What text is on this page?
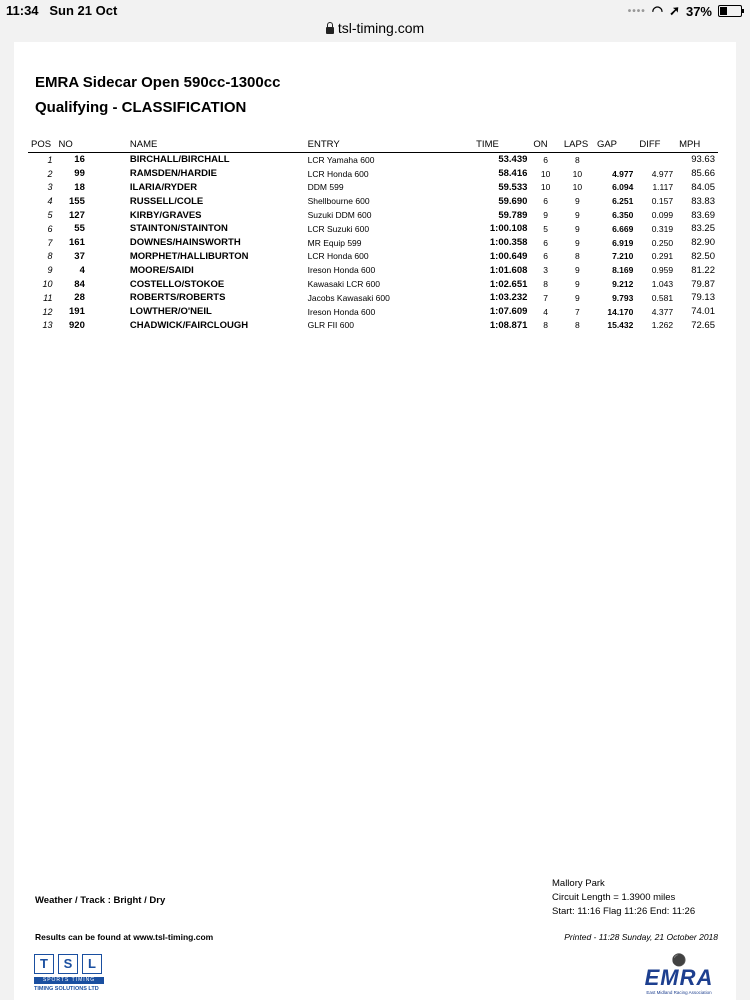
11:34 Sun 21 Oct	•••• ◠ ➚ 37%
tsl-timing.com
EMRA Sidecar Open 590cc-1300cc
Qualifying - CLASSIFICATION
POS	NO	NAME	ENTRY	TIME	ON	LAPS	GAP	DIFF	MPH
1	16	BIRCHALL/BIRCHALL	LCR Yamaha 600	53.439	6	8			93.63
2	99	RAMSDEN/HARDIE	LCR Honda 600	58.416	10	10	4.977	4.977	85.66
3	18	ILARIA/RYDER	DDM 599	59.533	10	10	6.094	1.117	84.05
4	155	RUSSELL/COLE	Shellbourne 600	59.690	6	9	6.251	0.157	83.83
5	127	KIRBY/GRAVES	Suzuki DDM 600	59.789	9	9	6.350	0.099	83.69
6	55	STAINTON/STAINTON	LCR Suzuki 600	1:00.108	5	9	6.669	0.319	83.25
7	161	DOWNES/HAINSWORTH	MR Equip 599	1:00.358	6	9	6.919	0.250	82.90
8	37	MORPHET/HALLIBURTON	LCR Honda 600	1:00.649	6	8	7.210	0.291	82.50
9	4	MOORE/SAIDI	Ireson Honda 600	1:01.608	3	9	8.169	0.959	81.22
10	84	COSTELLO/STOKOE	Kawasaki LCR 600	1:02.651	8	9	9.212	1.043	79.87
11	28	ROBERTS/ROBERTS	Jacobs Kawasaki 600	1:03.232	7	9	9.793	0.581	79.13
12	191	LOWTHER/O'NEIL	Ireson Honda 600	1:07.609	4	7	14.170	4.377	74.01
13	920	CHADWICK/FAIRCLOUGH	GLR FII 600	1:08.871	8	8	15.432	1.262	72.65
Mallory Park
Circuit Length = 1.3900 miles
Start: 11:16 Flag 11:26 End: 11:26
Weather / Track : Bright / Dry
Results can be found at www.tsl-timing.com	Printed - 11:28 Sunday, 21 October 2018
T	S	L
SPORTS TIMING
TIMING SOLUTIONS LTD
⚫
EMRA
East Midland Racing Association
